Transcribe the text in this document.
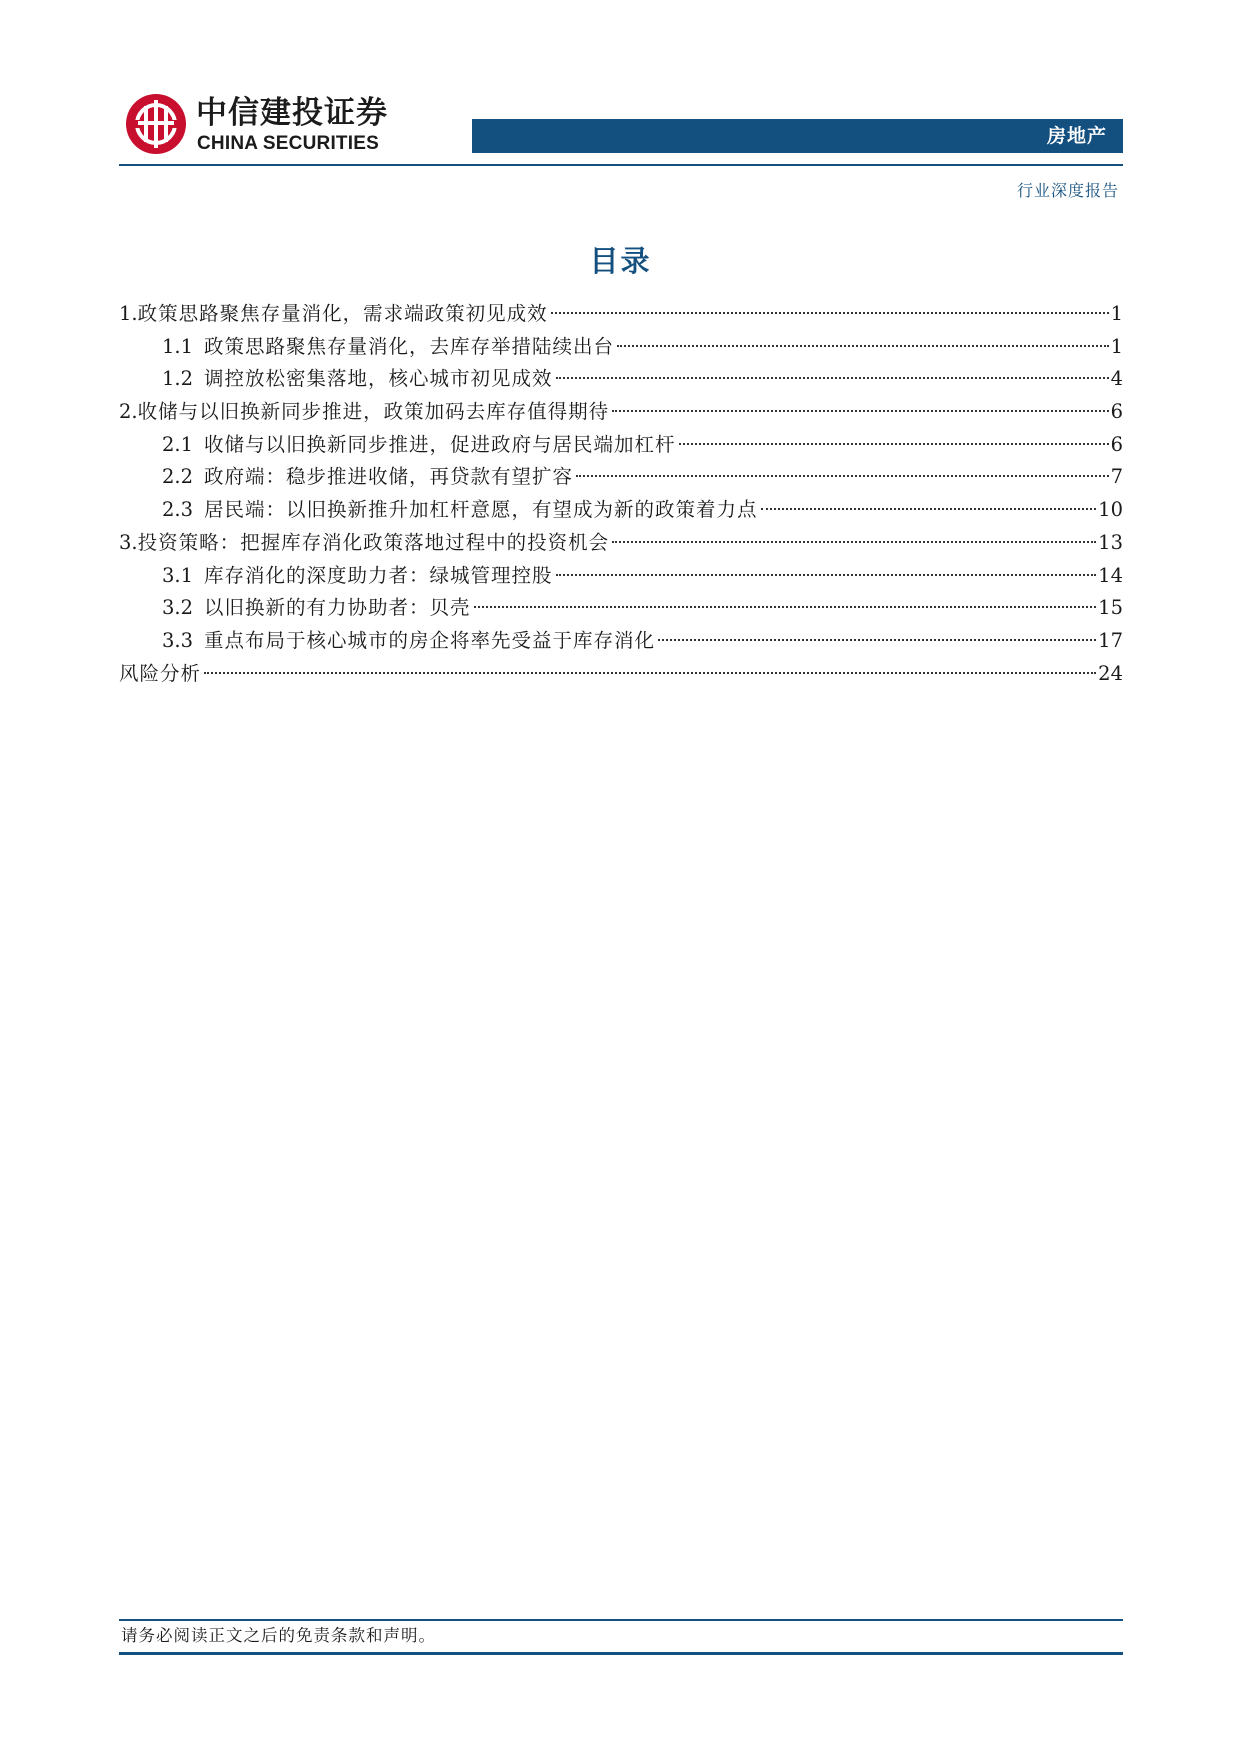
中信建投证券
CHINA SECURITIES	房地产
行业深度报告
目录
1. 政策思路聚焦存量消化，需求端政策初见成效	1
1.1 政策思路聚焦存量消化，去库存举措陆续出台	1
1.2 调控放松密集落地，核心城市初见成效	4
2. 收储与以旧换新同步推进，政策加码去库存值得期待	6
2.1 收储与以旧换新同步推进，促进政府与居民端加杠杆	6
2.2 政府端：稳步推进收储，再贷款有望扩容	7
2.3 居民端：以旧换新推升加杠杆意愿，有望成为新的政策着力点	10
3. 投资策略：把握库存消化政策落地过程中的投资机会	13
3.1 库存消化的深度助力者：绿城管理控股	14
3.2 以旧换新的有力协助者：贝壳	15
3.3 重点布局于核心城市的房企将率先受益于库存消化	17
风险分析	24
请务必阅读正文之后的免责条款和声明。
